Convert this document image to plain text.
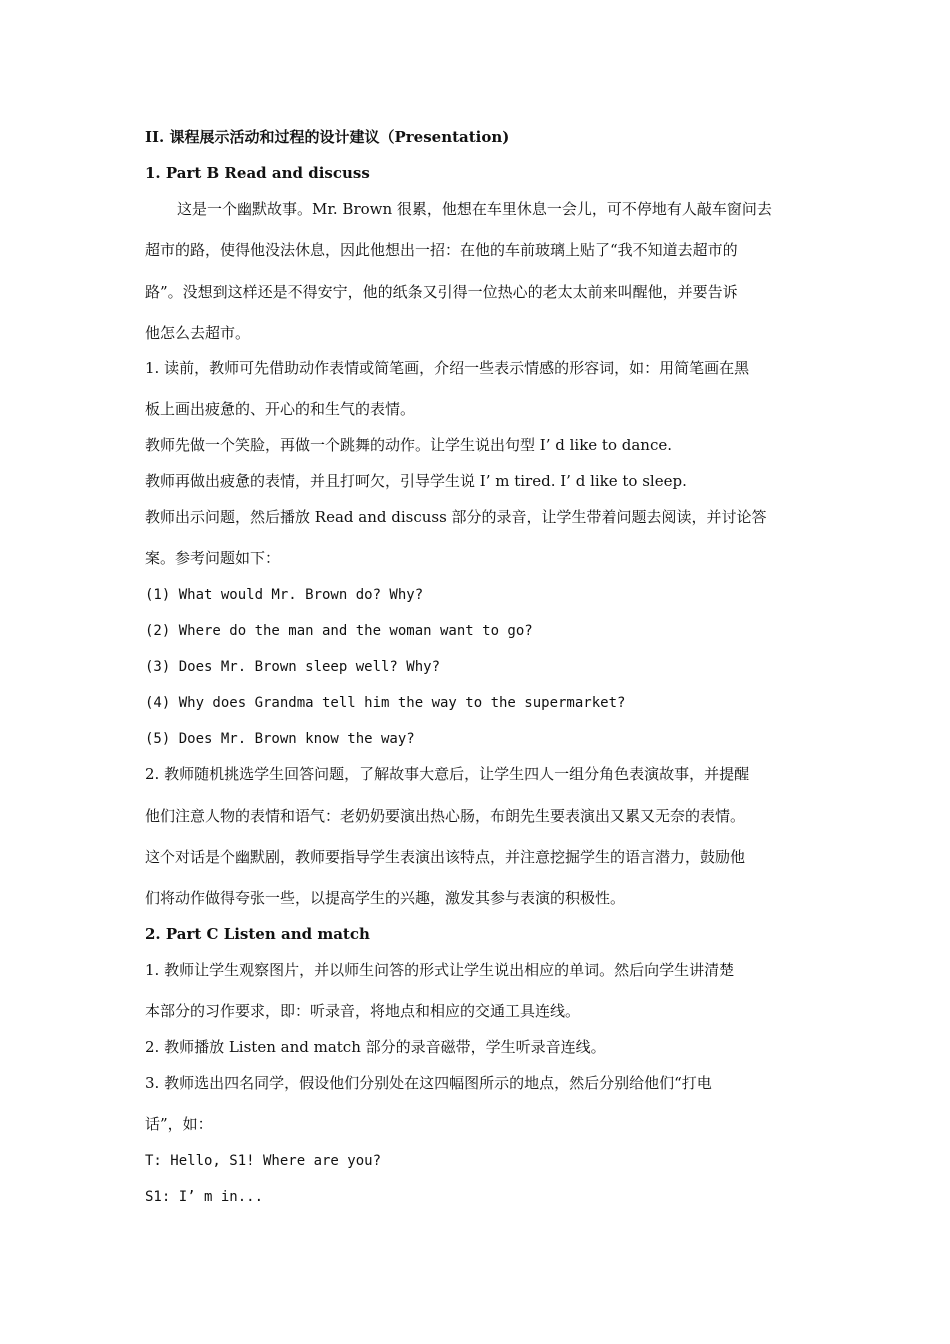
II. 课程展示活动和过程的设计建议（Presentation)
1. Part B Read and discuss
这是一个幽默故事。Mr. Brown 很累，他想在车里休息一会儿，可不停地有人敲车窗问去
超市的路，使得他没法休息，因此他想出一招：在他的车前玻璃上贴了“我不知道去超市的
路”。没想到这样还是不得安宁，他的纸条又引得一位热心的老太太前来叫醒他，并要告诉
他怎么去超市。
1. 读前，教师可先借助动作表情或简笔画，介绍一些表示情感的形容词，如：用简笔画在黑
板上画出疲惫的、开心的和生气的表情。
教师先做一个笑脸，再做一个跳舞的动作。让学生说出句型 I’ d like to dance.
教师再做出疲惫的表情，并且打呵欠，引导学生说 I’ m tired. I’ d like to sleep.
教师出示问题，然后播放 Read and discuss 部分的录音，让学生带着问题去阅读，并讨论答
案。参考问题如下：
(1) What would Mr. Brown do? Why?
(2) Where do the man and the woman want to go?
(3) Does Mr. Brown sleep well? Why?
(4) Why does Grandma tell him the way to the supermarket?
(5) Does Mr. Brown know the way?
2. 教师随机挑选学生回答问题，了解故事大意后，让学生四人一组分角色表演故事，并提醒
他们注意人物的表情和语气：老奶奶要演出热心肠，布朗先生要表演出又累又无奈的表情。
这个对话是个幽默剧，教师要指导学生表演出该特点，并注意挖掘学生的语言潜力，鼓励他
们将动作做得夸张一些，以提高学生的兴趣，激发其参与表演的积极性。
2. Part C Listen and match
1. 教师让学生观察图片，并以师生问答的形式让学生说出相应的单词。然后向学生讲清楚
本部分的习作要求，即：听录音，将地点和相应的交通工具连线。
2. 教师播放 Listen and match 部分的录音磁带，学生听录音连线。
3. 教师选出四名同学，假设他们分别处在这四幅图所示的地点，然后分别给他们“打电
话”，如：
T: Hello, S1! Where are you?
S1: I’ m in...
